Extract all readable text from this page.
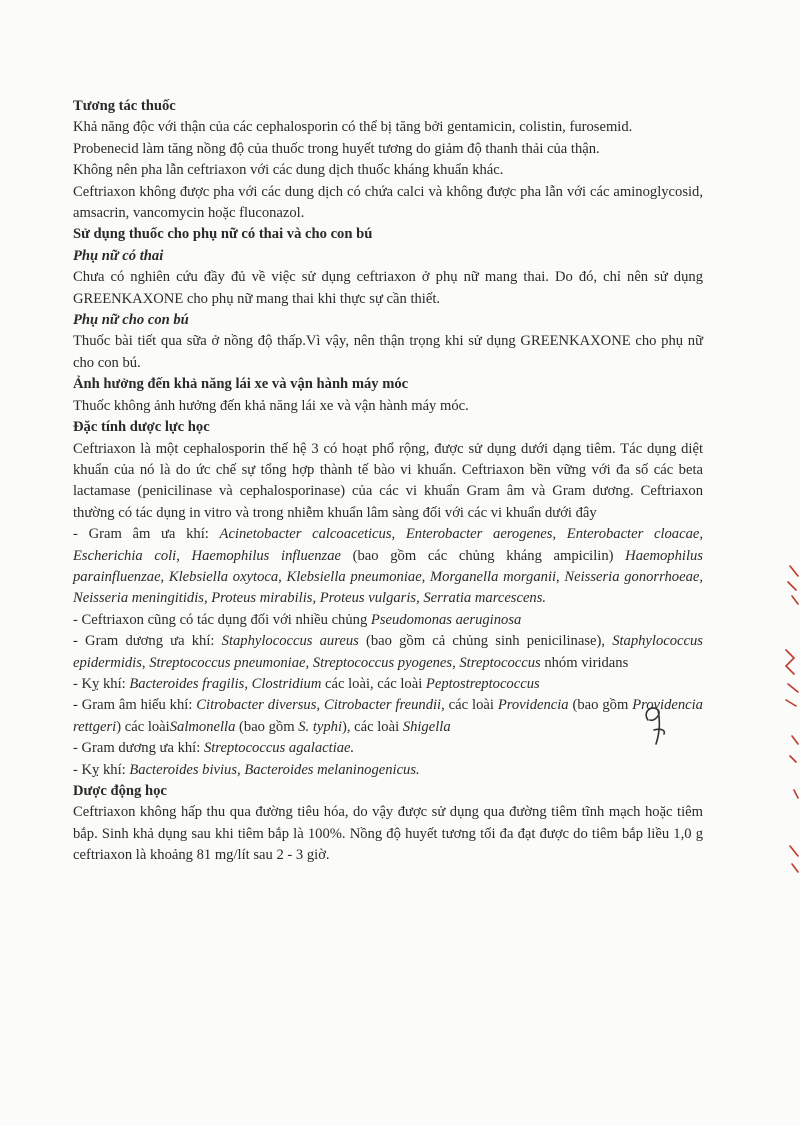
Tương tác thuốc

Khả năng độc với thận của các cephalosporin có thể bị tăng bởi gentamicin, colistin, furosemid.

Probenecid làm tăng nồng độ của thuốc trong huyết tương do giảm độ thanh thải của thận.

Không nên pha lẫn ceftriaxon với các dung dịch thuốc kháng khuẩn khác.

Ceftriaxon không được pha với các dung dịch có chứa calci và không được pha lẫn với các aminoglycosid, amsacrin, vancomycin hoặc fluconazol.

Sử dụng thuốc cho phụ nữ có thai và cho con bú

Phụ nữ có thai

Chưa có nghiên cứu đầy đủ về việc sử dụng ceftriaxon ở phụ nữ mang thai. Do đó, chỉ nên sử dụng GREENKAXONE cho phụ nữ mang thai khi thực sự cần thiết.

Phụ nữ cho con bú

Thuốc bài tiết qua sữa ở nồng độ thấp.Vì vậy, nên thận trọng khi sử dụng GREENKAXONE cho phụ nữ cho con bú.

Ảnh hưởng đến khả năng lái xe và vận hành máy móc

Thuốc không ảnh hưởng đến khả năng lái xe và vận hành máy móc.

Đặc tính dược lực học

Ceftriaxon là một cephalosporin thế hệ 3 có hoạt phổ rộng, được sử dụng dưới dạng tiêm. Tác dụng diệt khuẩn của nó là do ức chế sự tổng hợp thành tế bào vi khuẩn. Ceftriaxon bền vững với đa số các beta lactamase (penicilinase và cephalosporinase) của các vi khuẩn Gram âm và Gram dương. Ceftriaxon thường có tác dụng in vitro và trong nhiễm khuẩn lâm sàng đối với các vi khuẩn dưới đây

- Gram âm ưa khí: Acinetobacter calcoaceticus, Enterobacter aerogenes, Enterobacter cloacae, Escherichia coli, Haemophilus influenzae (bao gồm các chủng kháng ampicilin) Haemophilus parainfluenzae, Klebsiella oxytoca, Klebsiella pneumoniae, Morganella morganii, Neisseria gonorrhoeae, Neisseria meningitidis, Proteus mirabilis, Proteus vulgaris, Serratia marcescens.

- Ceftriaxon cũng có tác dụng đối với nhiều chủng Pseudomonas aeruginosa

- Gram dương ưa khí: Staphylococcus aureus (bao gồm cả chủng sinh penicilinase), Staphylococcus epidermidis, Streptococcus pneumoniae, Streptococcus pyogenes, Streptococcus nhóm viridans

- Kỵ khí: Bacteroides fragilis, Clostridium các loài, các loài Peptostreptococcus

- Gram âm hiếu khí: Citrobacter diversus, Citrobacter freundii, các loài Providencia (bao gồm Providencia rettgeri) các loàiSalmonella (bao gồm S. typhi), các loài Shigella

- Gram dương ưa khí: Streptococcus agalactiae.

- Kỵ khí: Bacteroides bivius, Bacteroides melaninogenicus.

Dược động học

Ceftriaxon không hấp thu qua đường tiêu hóa, do vậy được sử dụng qua đường tiêm tĩnh mạch hoặc tiêm bắp. Sinh khả dụng sau khi tiêm bắp là 100%. Nồng độ huyết tương tối đa đạt được do tiêm bắp liều 1,0 g ceftriaxon là khoảng 81 mg/lít sau 2 - 3 giờ.
